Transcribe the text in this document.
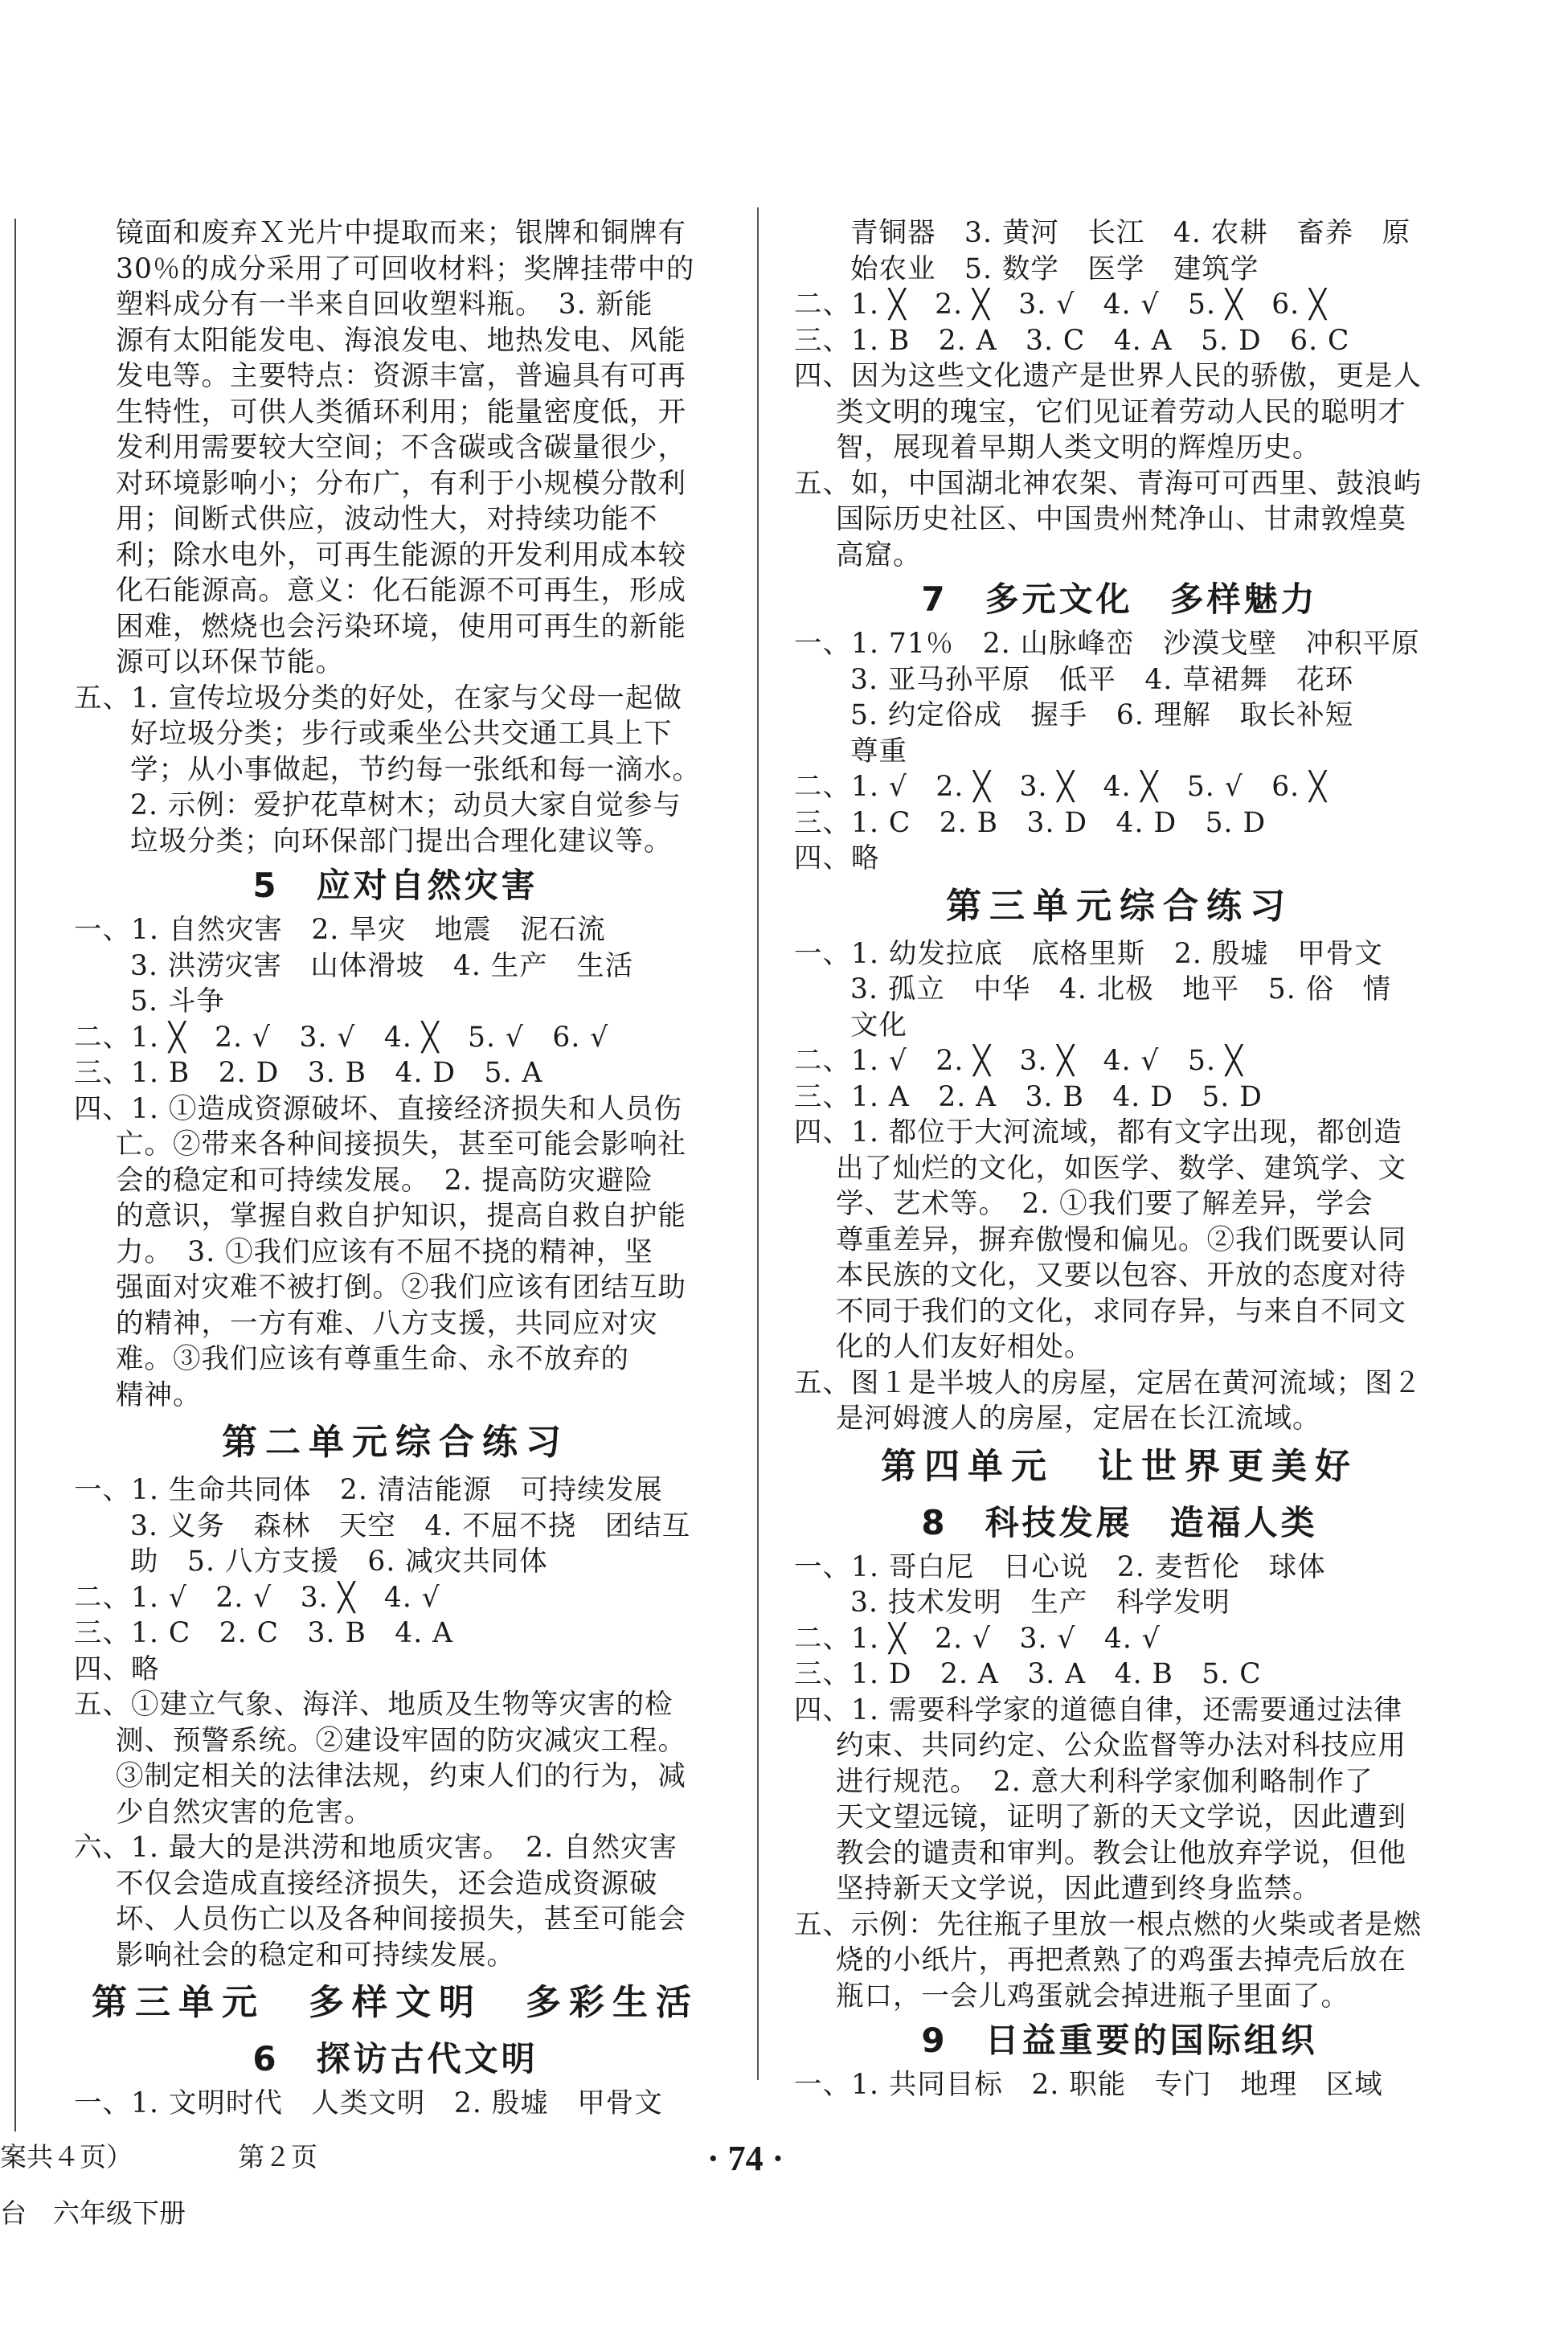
镜面和废弃Ｘ光片中提取而来；银牌和铜牌有
30％的成分采用了可回收材料；奖牌挂带中的
塑料成分有一半来自回收塑料瓶。　3. 新能
源有太阳能发电、海浪发电、地热发电、风能
发电等。主要特点：资源丰富，普遍具有可再
生特性，可供人类循环利用；能量密度低，开
发利用需要较大空间；不含碳或含碳量很少，
对环境影响小；分布广，有利于小规模分散利
用；间断式供应，波动性大，对持续功能不
利；除水电外，可再生能源的开发利用成本较
化石能源高。意义：化石能源不可再生，形成
困难，燃烧也会污染环境，使用可再生的新能
源可以环保节能。
五、1. 宣传垃圾分类的好处，在家与父母一起做
好垃圾分类；步行或乘坐公共交通工具上下
学；从小事做起，节约每一张纸和每一滴水。
2. 示例：爱护花草树木；动员大家自觉参与
垃圾分类；向环保部门提出合理化建议等。
5　应对自然灾害
一、1. 自然灾害　2. 旱灾　地震　泥石流
3. 洪涝灾害　山体滑坡　4. 生产　生活
5. 斗争
二、1. ╳　2. √　3. √　4. ╳　5. √　6. √
三、1. B　2. D　3. B　4. D　5. A
四、1. ①造成资源破坏、直接经济损失和人员伤
亡。②带来各种间接损失，甚至可能会影响社
会的稳定和可持续发展。　2. 提高防灾避险
的意识，掌握自救自护知识，提高自救自护能
力。　3. ①我们应该有不屈不挠的精神，坚
强面对灾难不被打倒。②我们应该有团结互助
的精神，一方有难、八方支援，共同应对灾
难。③我们应该有尊重生命、永不放弃的
精神。
第二单元综合练习
一、1. 生命共同体　2. 清洁能源　可持续发展
3. 义务　森林　天空　4. 不屈不挠　团结互
助　5. 八方支援　6. 减灾共同体
二、1. √　2. √　3. ╳　4. √
三、1. C　2. C　3. B　4. A
四、略
五、①建立气象、海洋、地质及生物等灾害的检
测、预警系统。②建设牢固的防灾减灾工程。
③制定相关的法律法规，约束人们的行为，减
少自然灾害的危害。
六、1. 最大的是洪涝和地质灾害。　2. 自然灾害
不仅会造成直接经济损失，还会造成资源破
坏、人员伤亡以及各种间接损失，甚至可能会
影响社会的稳定和可持续发展。
第三单元　多样文明　多彩生活
6　探访古代文明
一、1. 文明时代　人类文明　2. 殷墟　甲骨文
青铜器　3. 黄河　长江　4. 农耕　畜养　原
始农业　5. 数学　医学　建筑学
二、1. ╳　2. ╳　3. √　4. √　5. ╳　6. ╳
三、1. B　2. A　3. C　4. A　5. D　6. C
四、因为这些文化遗产是世界人民的骄傲，更是人
类文明的瑰宝，它们见证着劳动人民的聪明才
智，展现着早期人类文明的辉煌历史。
五、如，中国湖北神农架、青海可可西里、鼓浪屿
国际历史社区、中国贵州梵净山、甘肃敦煌莫
高窟。
7　多元文化　多样魅力
一、1. 71％　2. 山脉峰峦　沙漠戈壁　冲积平原
3. 亚马孙平原　低平　4. 草裙舞　花环
5. 约定俗成　握手　6. 理解　取长补短
尊重
二、1. √　2. ╳　3. ╳　4. ╳　5. √　6. ╳
三、1. C　2. B　3. D　4. D　5. D
四、略
第三单元综合练习
一、1. 幼发拉底　底格里斯　2. 殷墟　甲骨文
3. 孤立　中华　4. 北极　地平　5. 俗　情
文化
二、1. √　2. ╳　3. ╳　4. √　5. ╳
三、1. A　2. A　3. B　4. D　5. D
四、1. 都位于大河流域，都有文字出现，都创造
出了灿烂的文化，如医学、数学、建筑学、文
学、艺术等。　2. ①我们要了解差异，学会
尊重差异，摒弃傲慢和偏见。②我们既要认同
本民族的文化，又要以包容、开放的态度对待
不同于我们的文化，求同存异，与来自不同文
化的人们友好相处。
五、图１是半坡人的房屋，定居在黄河流域；图２
是河姆渡人的房屋，定居在长江流域。
第四单元　让世界更美好
8　科技发展　造福人类
一、1. 哥白尼　日心说　2. 麦哲伦　球体
3. 技术发明　生产　科学发明
二、1. ╳　2. √　3. √　4. √
三、1. D　2. A　3. A　4. B　5. C
四、1. 需要科学家的道德自律，还需要通过法律
约束、共同约定、公众监督等办法对科技应用
进行规范。　2. 意大利科学家伽利略制作了
天文望远镜，证明了新的天文学说，因此遭到
教会的谴责和审判。教会让他放弃学说，但他
坚持新天文学说，因此遭到终身监禁。
五、示例：先往瓶子里放一根点燃的火柴或者是燃
烧的小纸片，再把煮熟了的鸡蛋去掉壳后放在
瓶口，一会儿鸡蛋就会掉进瓶子里面了。
9　日益重要的国际组织
一、1. 共同目标　2. 职能　专门　地理　区域
案共４页）	第２页
台　六年级下册
· 74 ·
